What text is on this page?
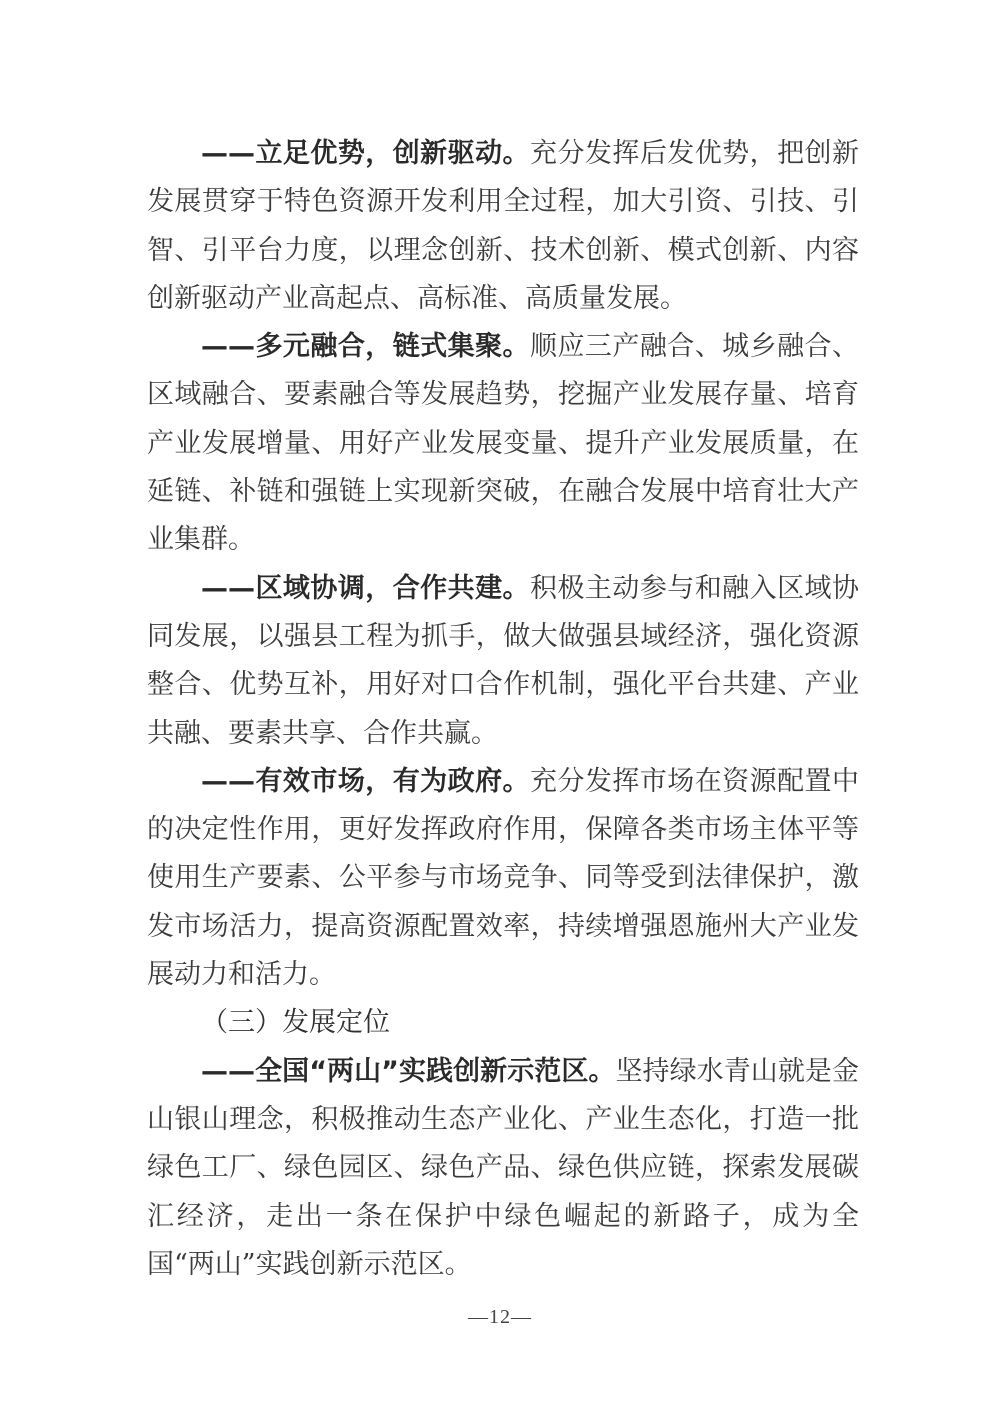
——立足优势，创新驱动。充分发挥后发优势，把创新发展贯穿于特色资源开发利用全过程，加大引资、引技、引智、引平台力度，以理念创新、技术创新、模式创新、内容创新驱动产业高起点、高标准、高质量发展。

——多元融合，链式集聚。顺应三产融合、城乡融合、区域融合、要素融合等发展趋势，挖掘产业发展存量、培育产业发展增量、用好产业发展变量、提升产业发展质量，在延链、补链和强链上实现新突破，在融合发展中培育壮大产业集群。

——区域协调，合作共建。积极主动参与和融入区域协同发展，以强县工程为抓手，做大做强县域经济，强化资源整合、优势互补，用好对口合作机制，强化平台共建、产业共融、要素共享、合作共赢。

——有效市场，有为政府。充分发挥市场在资源配置中的决定性作用，更好发挥政府作用，保障各类市场主体平等使用生产要素、公平参与市场竞争、同等受到法律保护，激发市场活力，提高资源配置效率，持续增强恩施州大产业发展动力和活力。

（三）发展定位

——全国“两山”实践创新示范区。坚持绿水青山就是金山银山理念，积极推动生态产业化、产业生态化，打造一批绿色工厂、绿色园区、绿色产品、绿色供应链，探索发展碳汇经济，走出一条在保护中绿色崛起的新路子，成为全国“两山”实践创新示范区。

—12—
